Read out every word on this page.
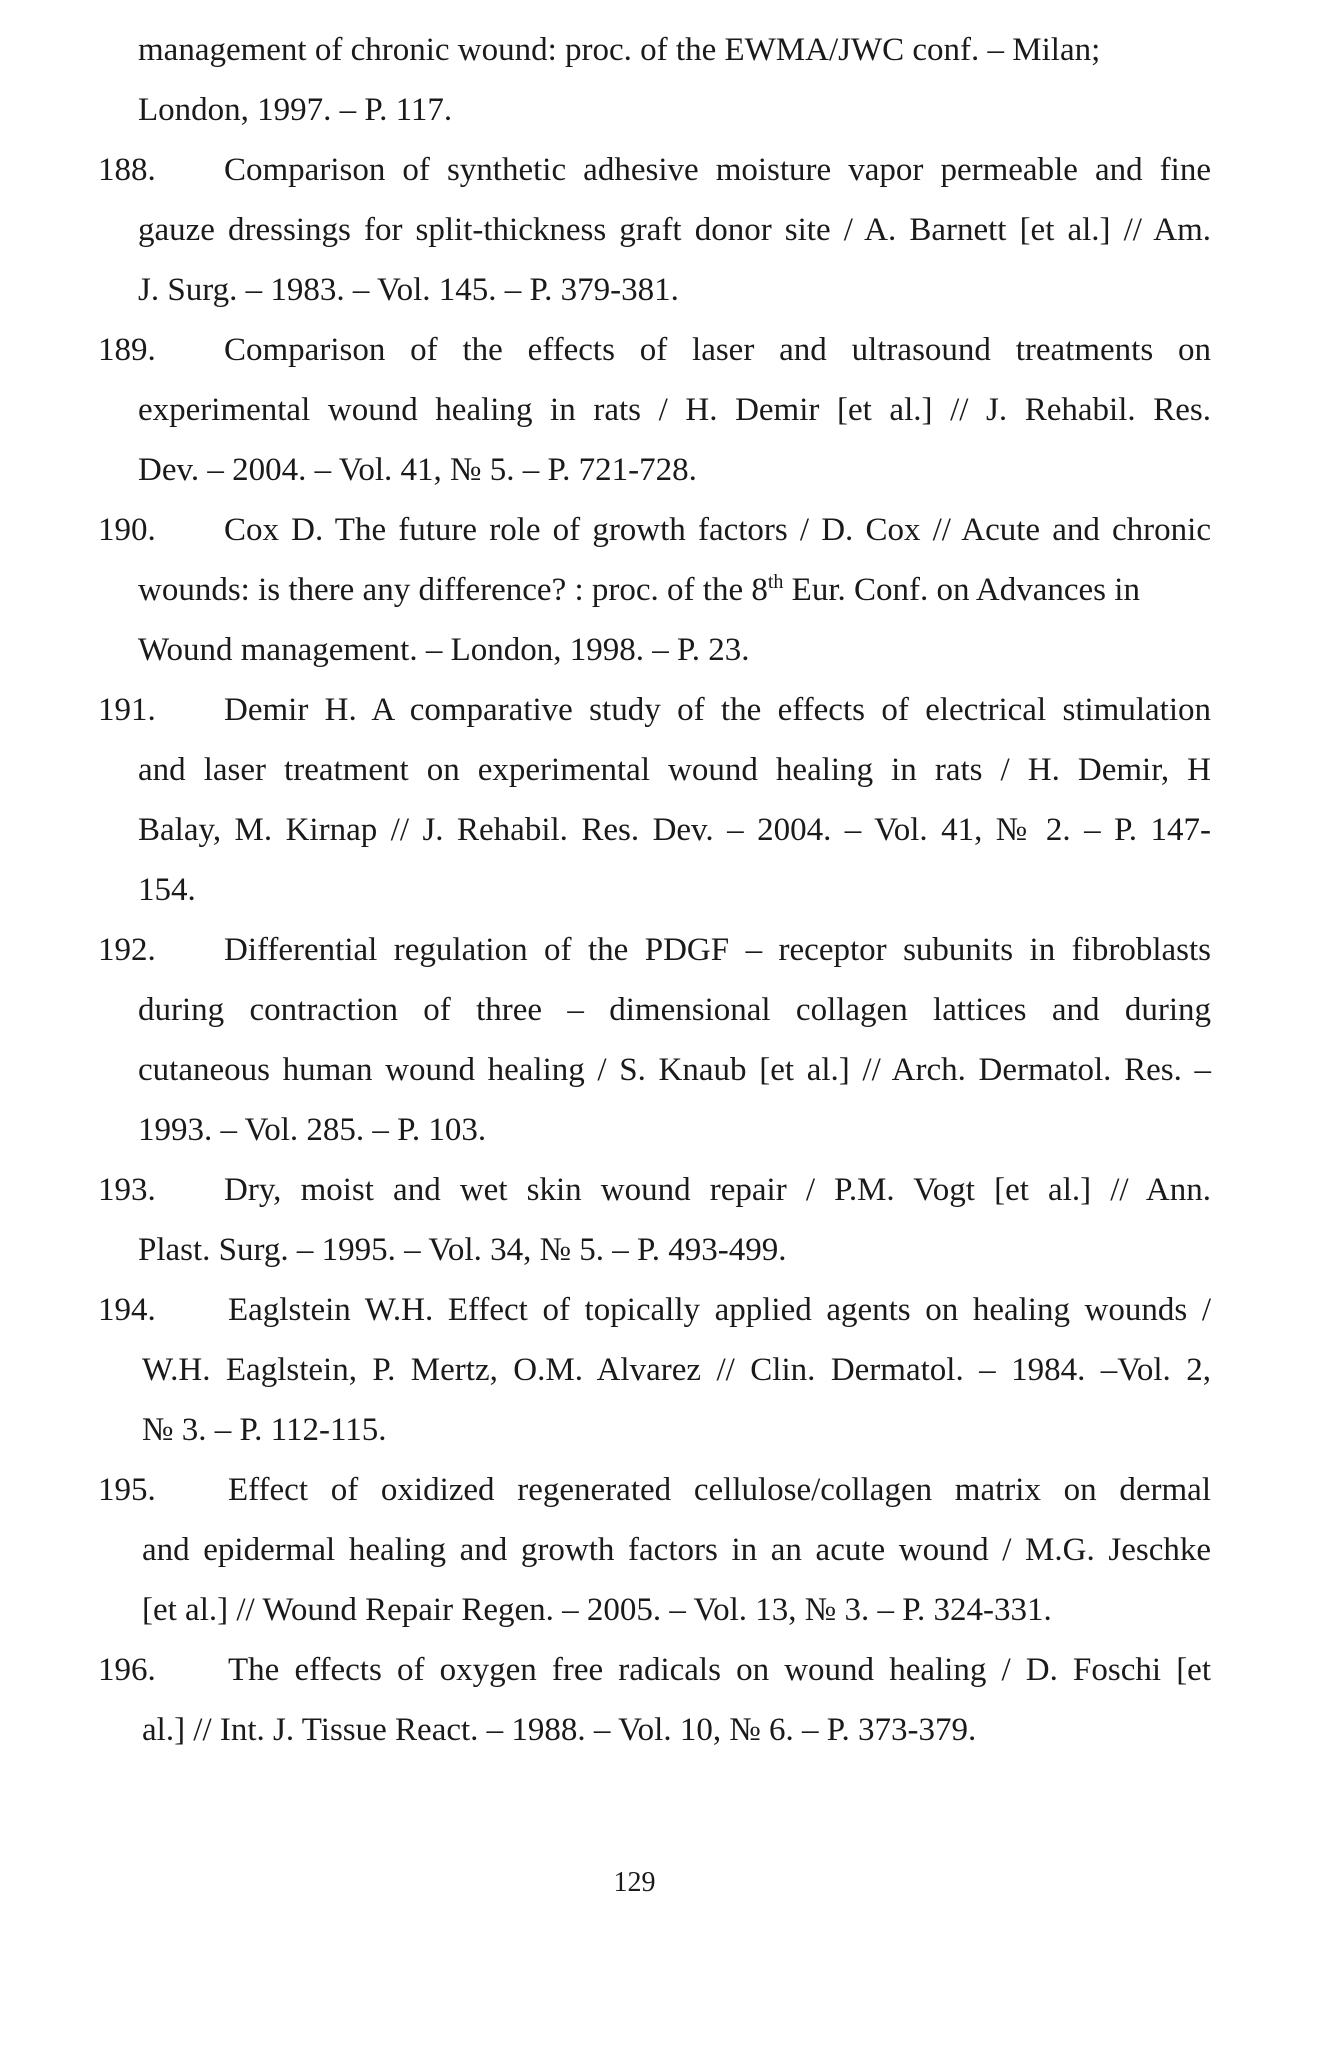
management of chronic wound: proc. of the EWMA/JWC conf. – Milan;
London, 1997. – P. 117.
188. Comparison of synthetic adhesive moisture vapor permeable and fine
gauze dressings for split-thickness graft donor site / A. Barnett [et al.] // Am.
J. Surg. – 1983. – Vol. 145. – P. 379-381.
189. Comparison of the effects of laser and ultrasound treatments on
experimental wound healing in rats / H. Demir [et al.] // J. Rehabil. Res.
Dev. – 2004. – Vol. 41, № 5. – P. 721-728.
190. Cox D. The future role of growth factors / D. Cox // Acute and chronic
wounds: is there any difference? : proc. of the 8th Eur. Conf. on Advances in
Wound management. – London, 1998. – P. 23.
191. Demir H. A comparative study of the effects of electrical stimulation
and laser treatment on experimental wound healing in rats / H. Demir, H
Balay, M. Kirnap // J. Rehabil. Res. Dev. – 2004. – Vol. 41, № 2. – P. 147-
154.
192. Differential regulation of the PDGF – receptor subunits in fibroblasts
during contraction of three – dimensional collagen lattices and during
cutaneous human wound healing / S. Knaub [et al.] // Arch. Dermatol. Res. –
1993. – Vol. 285. – P. 103.
193. Dry, moist and wet skin wound repair / P.M. Vogt [et al.] // Ann.
Plast. Surg. – 1995. – Vol. 34, № 5. – P. 493-499.
194. Eaglstein W.H. Effect of topically applied agents on healing wounds /
W.H. Eaglstein, P. Mertz, O.M. Alvarez // Clin. Dermatol. – 1984. –Vol. 2,
№ 3. – P. 112-115.
195. Effect of oxidized regenerated cellulose/collagen matrix on dermal
and epidermal healing and growth factors in an acute wound / M.G. Jeschke
[et al.] // Wound Repair Regen. – 2005. – Vol. 13, № 3. – P. 324-331.
196. The effects of oxygen free radicals on wound healing / D. Foschi [et
al.] // Int. J. Tissue React. – 1988. – Vol. 10, № 6. – P. 373-379.
129
